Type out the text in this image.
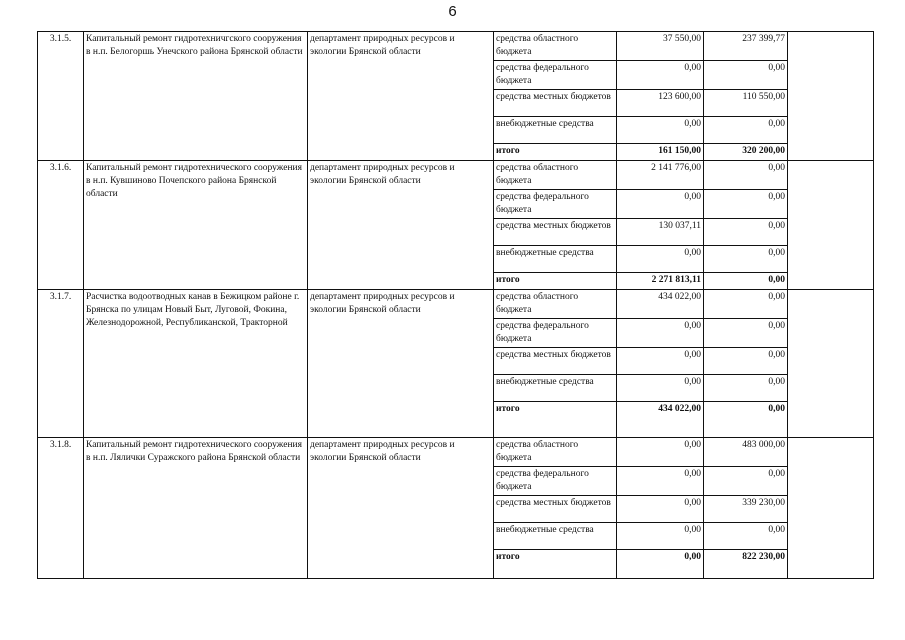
6
3.1.5.	Капитальный ремонт гидротехничгского сооружения в н.п. Белогоршь Унечского района Брянской области	департамент природных ресурсов и экологии Брянской области	средства областного бюджета	37 550,00	237 399,77	
			средства федерального бюджета	0,00	0,00	
			средства местных бюджетов	123 600,00	110 550,00	
			внебюджетные средства	0,00	0,00	
			итого	161 150,00	320 200,00	
3.1.6.	Капитальный ремонт гидротехнического сооружения в н.п. Кувшиново Почепского района Брянской области	департамент природных ресурсов и экологии Брянской области	средства областного бюджета	2 141 776,00	0,00	
			средства федерального бюджета	0,00	0,00	
			средства местных бюджетов	130 037,11	0,00	
			внебюджетные средства	0,00	0,00	
			итого	2 271 813,11	0,00	
3.1.7.	Расчистка водоотводных канав в Бежицком районе г. Брянска по улицам Новый Быт, Луговой, Фокина, Железнодорожной, Республиканской, Тракторной	департамент природных ресурсов и экологии Брянской области	средства областного бюджета	434 022,00	0,00	
			средства федерального бюджета	0,00	0,00	
			средства местных бюджетов	0,00	0,00	
			внебюджетные средства	0,00	0,00	
			итого	434 022,00	0,00	
3.1.8.	Капитальный ремонт гидротехнического сооружения в н.п. Лялички Суражского района Брянской области	департамент природных ресурсов и экологии Брянской области	средства областного бюджета	0,00	483 000,00	
			средства федерального бюджета	0,00	0,00	
			средства местных бюджетов	0,00	339 230,00	
			внебюджетные средства	0,00	0,00	
			итого	0,00	822 230,00	
